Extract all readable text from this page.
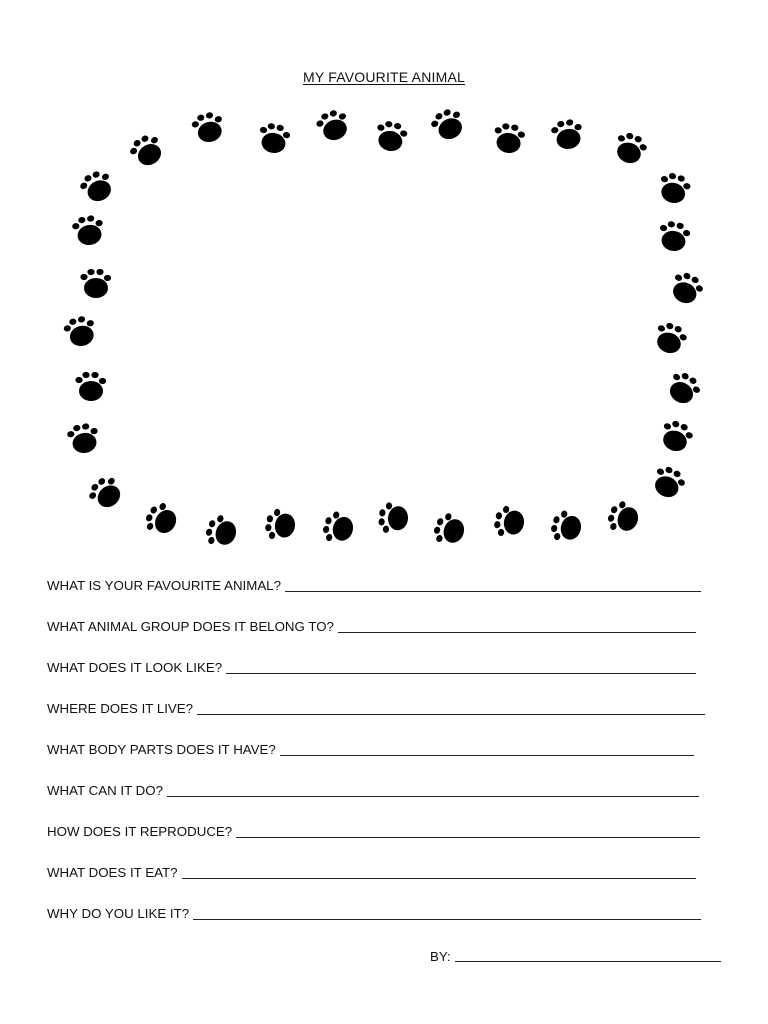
MY FAVOURITE ANIMAL
WHAT IS YOUR FAVOURITE ANIMAL?
WHAT ANIMAL GROUP DOES IT BELONG TO?
WHAT DOES IT LOOK LIKE?
WHERE DOES IT LIVE?
WHAT BODY PARTS DOES IT HAVE?
WHAT CAN IT DO?
HOW DOES IT REPRODUCE?
WHAT DOES IT EAT?
WHY DO YOU LIKE IT?
BY:
